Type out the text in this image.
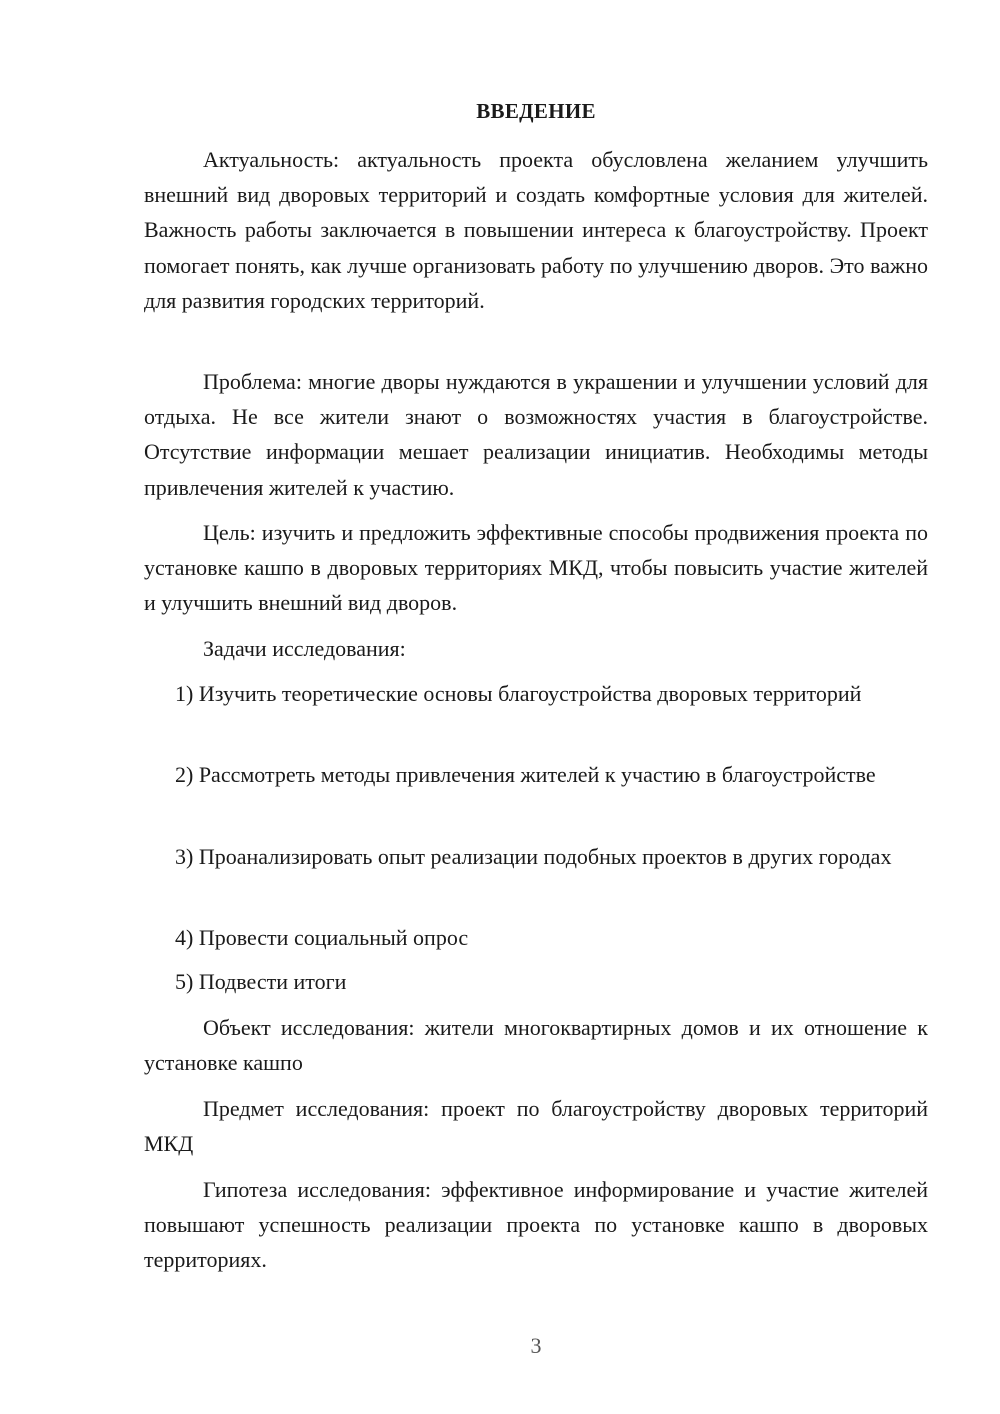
ВВЕДЕНИЕ

Актуальность: актуальность проекта обусловлена желанием улучшить внешний вид дворовых территорий и создать комфортные условия для жителей. Важность работы заключается в повышении интереса к благоустройству. Проект помогает понять, как лучше организовать работу по улучшению дворов. Это важно для развития городских территорий.

Проблема: многие дворы нуждаются в украшении и улучшении условий для отдыха. Не все жители знают о возможностях участия в благоустройстве. Отсутствие информации мешает реализации инициатив. Необходимы методы привлечения жителей к участию.

Цель: изучить и предложить эффективные способы продвижения проекта по установке кашпо в дворовых территориях МКД, чтобы повысить участие жителей и улучшить внешний вид дворов.

Задачи исследования:

1) Изучить теоретические основы благоустройства дворовых территорий

2) Рассмотреть методы привлечения жителей к участию в благоустройстве

3) Проанализировать опыт реализации подобных проектов в других городах

4) Провести социальный опрос

5) Подвести итоги

Объект исследования: жители многоквартирных домов и их отношение к установке кашпо

Предмет исследования: проект по благоустройству дворовых территорий МКД

Гипотеза исследования: эффективное информирование и участие жителей повышают успешность реализации проекта по установке кашпо в дворовых территориях.

3
